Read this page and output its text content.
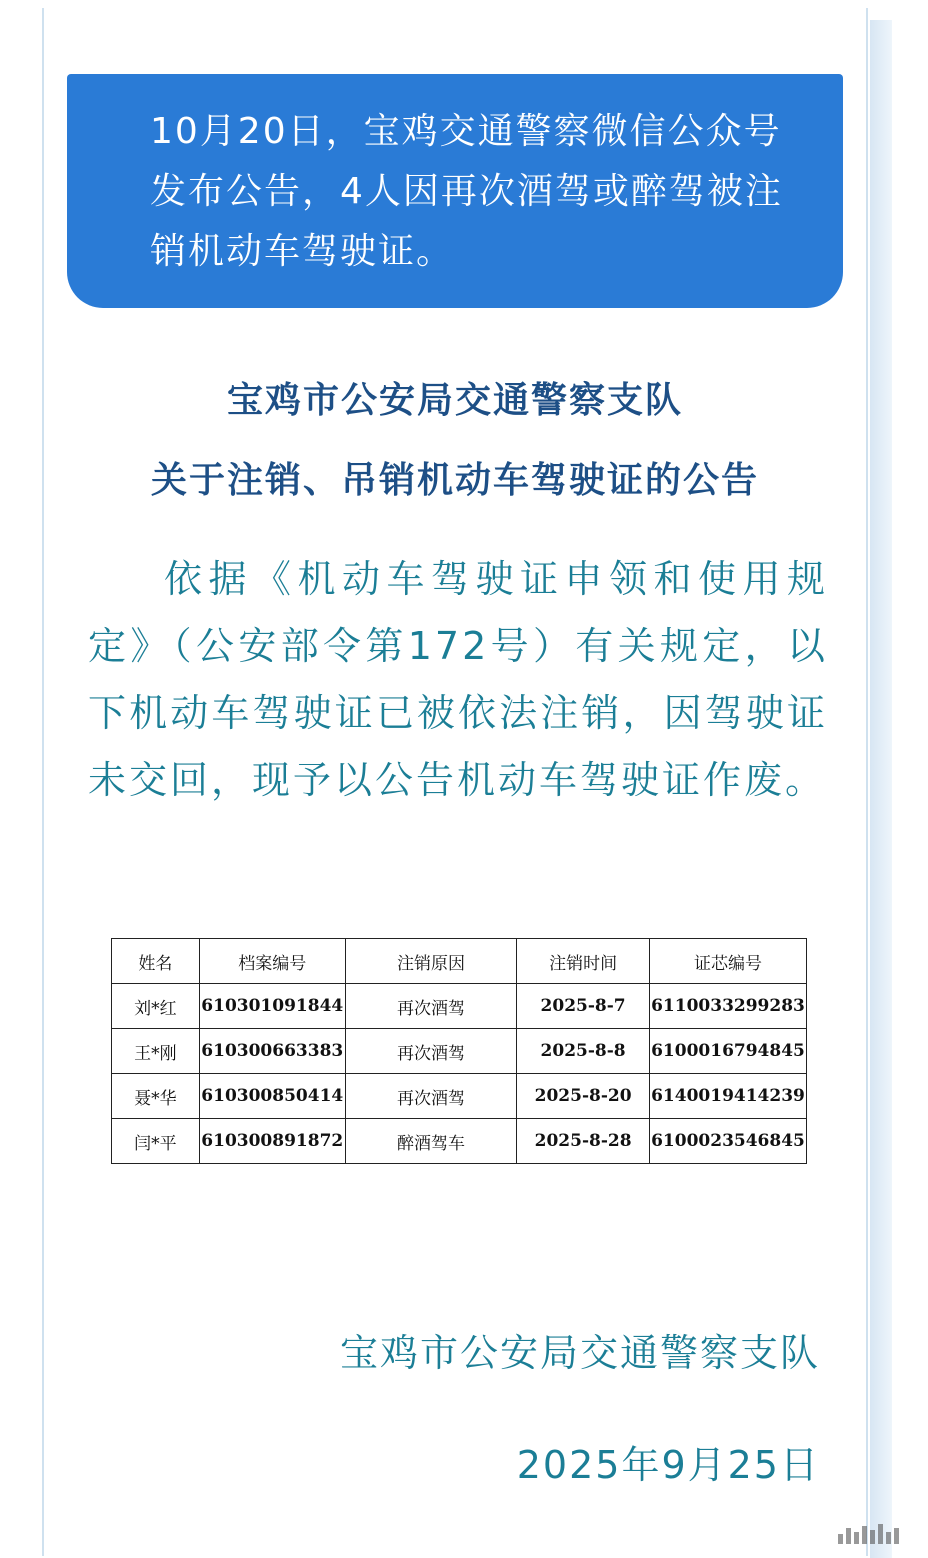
10月20日，宝鸡交通警察微信公众号发布公告，4人因再次酒驾或醉驾被注销机动车驾驶证。

宝鸡市公安局交通警察支队
关于注销、吊销机动车驾驶证的公告

依据《机动车驾驶证申领和使用规定》（公安部令第172号）有关规定，以下机动车驾驶证已被依法注销，因驾驶证未交回，现予以公告机动车驾驶证作废。

姓名	档案编号	注销原因	注销时间	证芯编号
刘*红	610301091844	再次酒驾	2025-8-7	6110033299283
王*刚	610300663383	再次酒驾	2025-8-8	6100016794845
聂*华	610300850414	再次酒驾	2025-8-20	6140019414239
闫*平	610300891872	醉酒驾车	2025-8-28	6100023546845

宝鸡市公安局交通警察支队

2025年9月25日
